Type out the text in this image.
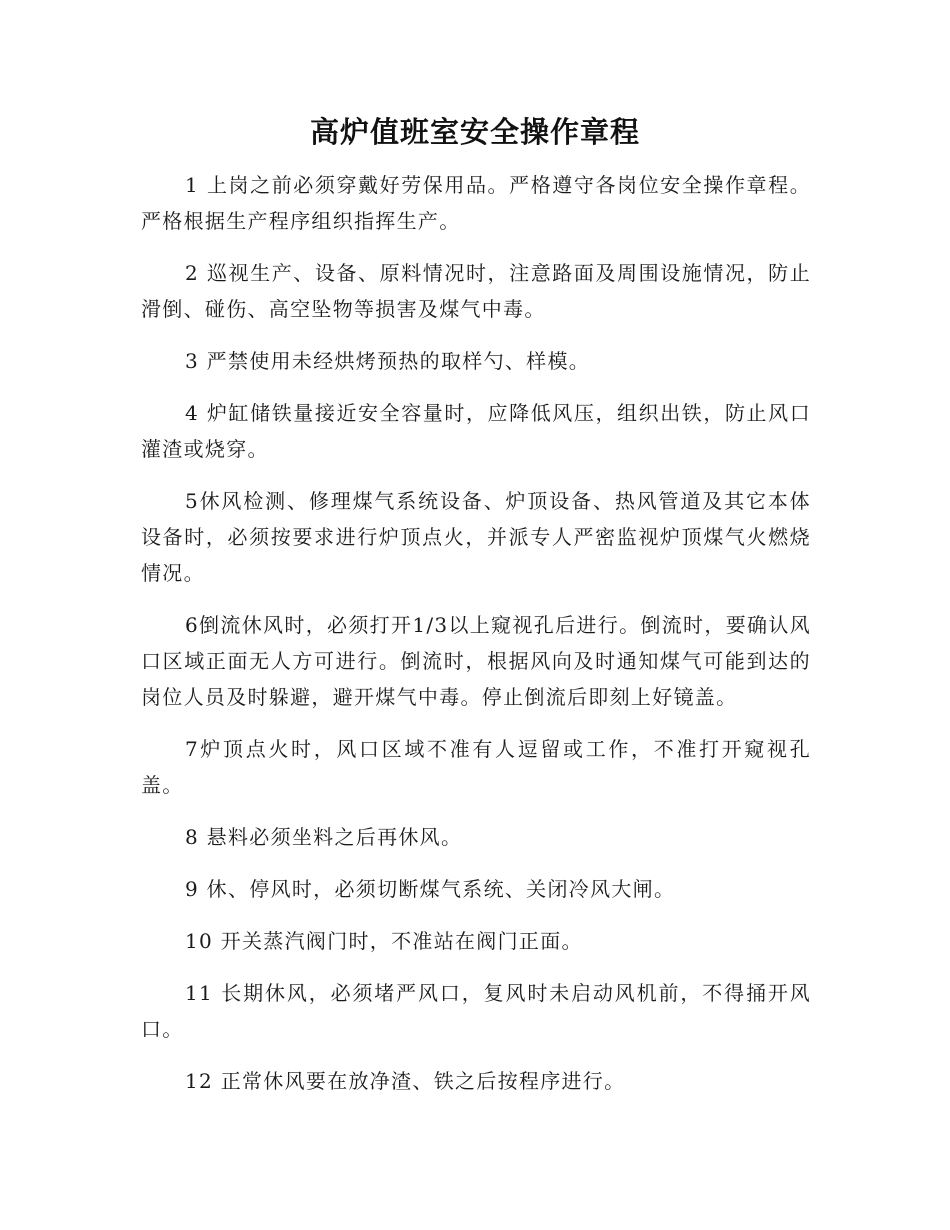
高炉值班室安全操作章程

1 上岗之前必须穿戴好劳保用品。严格遵守各岗位安全操作章程。严格根据生产程序组织指挥生产。

2 巡视生产、设备、原料情况时，注意路面及周围设施情况，防止滑倒、碰伤、高空坠物等损害及煤气中毒。

3 严禁使用未经烘烤预热的取样勺、样模。

4 炉缸储铁量接近安全容量时，应降低风压，组织出铁，防止风口灌渣或烧穿。

5休风检测、修理煤气系统设备、炉顶设备、热风管道及其它本体设备时，必须按要求进行炉顶点火，并派专人严密监视炉顶煤气火燃烧情况。

6倒流休风时，必须打开1/3以上窥视孔后进行。倒流时，要确认风口区域正面无人方可进行。倒流时，根据风向及时通知煤气可能到达的岗位人员及时躲避，避开煤气中毒。停止倒流后即刻上好镜盖。

7炉顶点火时，风口区域不准有人逗留或工作，不准打开窥视孔盖。

8 悬料必须坐料之后再休风。

9 休、停风时，必须切断煤气系统、关闭冷风大闸。

10 开关蒸汽阀门时，不准站在阀门正面。

11 长期休风，必须堵严风口，复风时未启动风机前，不得捅开风口。

12 正常休风要在放净渣、铁之后按程序进行。
